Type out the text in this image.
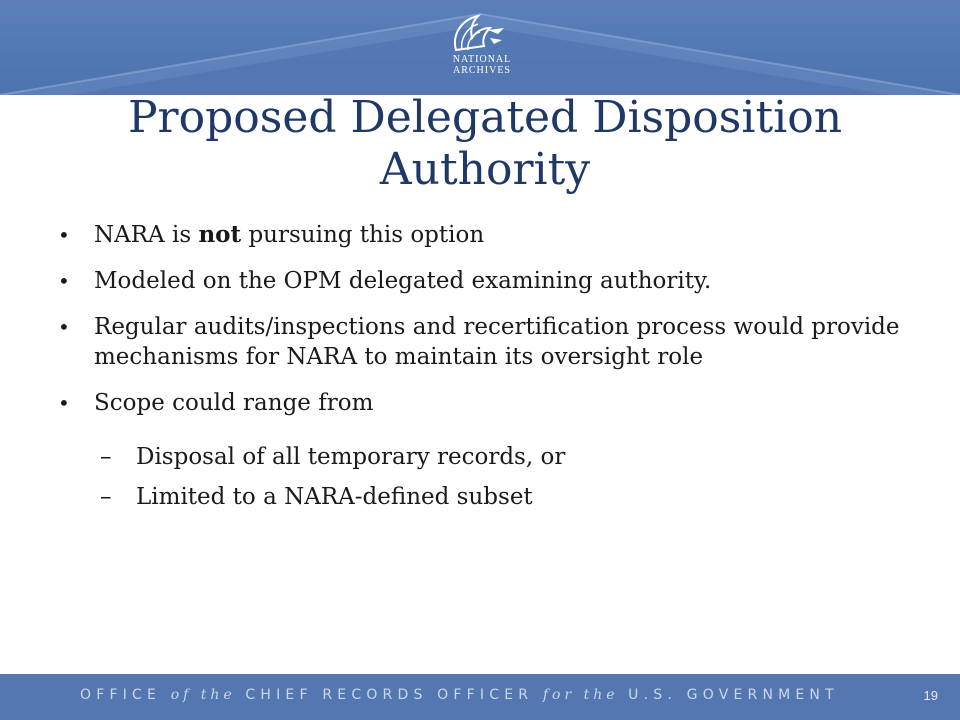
NATIONAL
ARCHIVES
Proposed Delegated Disposition
Authority
• NARA is not pursuing this option
• Modeled on the OPM delegated examining authority.
• Regular audits/inspections and recertification process would provide mechanisms for NARA to maintain its oversight role
• Scope could range from
– Disposal of all temporary records, or
– Limited to a NARA-defined subset
OFFICE of the CHIEF RECORDS OFFICER for the U.S. GOVERNMENT	19
